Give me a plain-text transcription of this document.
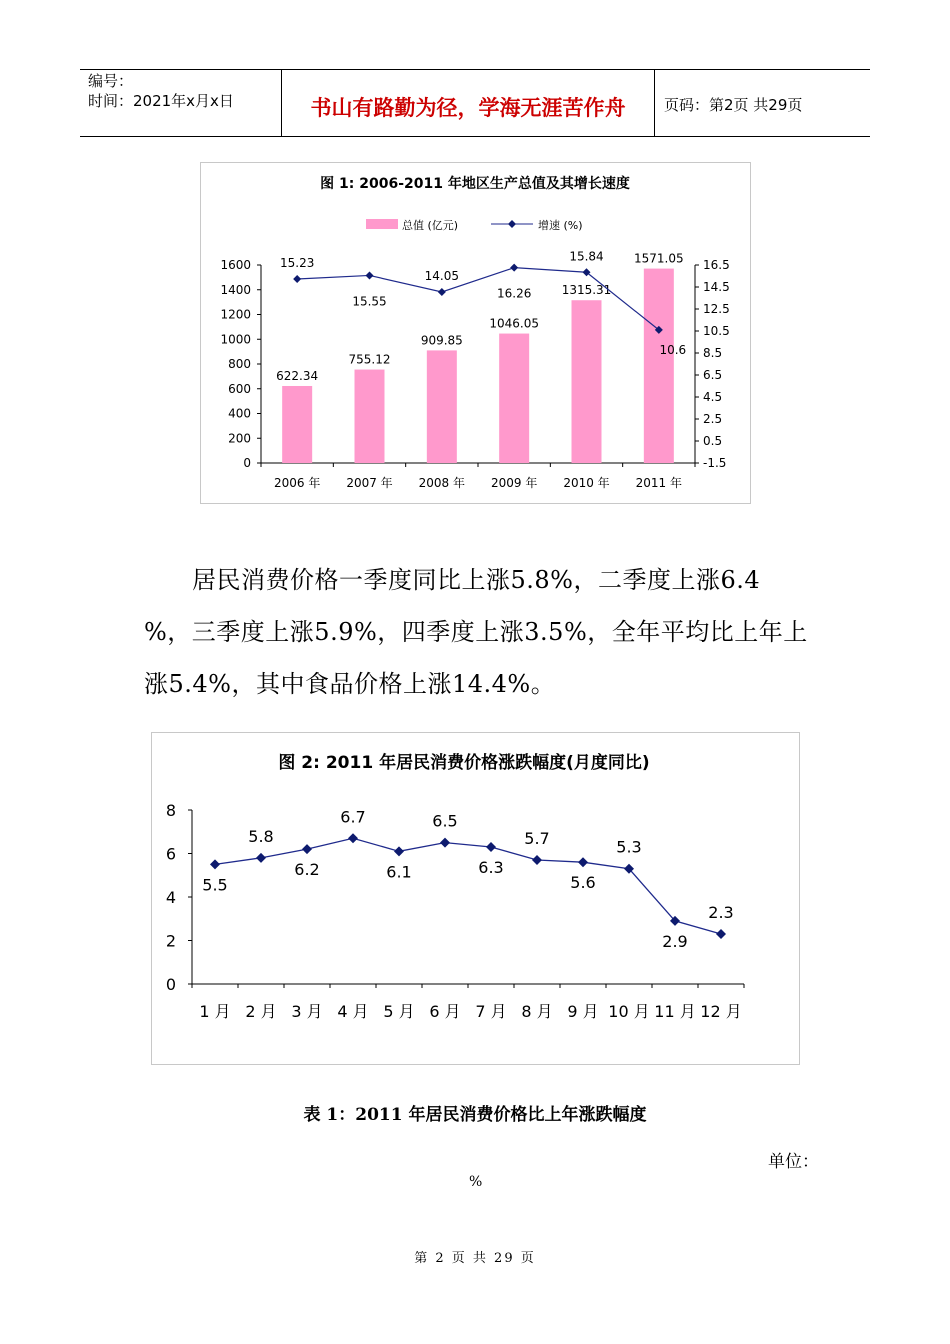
编号：
时间：2021年x月x日	书山有路勤为径，学海无涯苦作舟	页码：第2页 共29页
图 1: 2006-2011 年地区生产总值及其增长速度
总值 (亿元)	增速 (%)
0
200
400
600
800
1000
1200
1400
1600
-1.5
0.5
2.5
4.5
6.5
8.5
10.5
12.5
14.5
16.5
2006 年 2007 年 2008 年 2009 年 2010 年 2011 年
622.34
755.12
909.85
1046.05
1315.31
1571.05
15.23
15.55
14.05
16.26
15.84
10.6
居民消费价格一季度同比上涨5.8%，二季度上涨6.4
%，三季度上涨5.9%，四季度上涨3.5%，全年平均比上年上
涨5.4%，其中食品价格上涨14.4%。
图 2: 2011 年居民消费价格涨跌幅度(月度同比)
0
2
4
6
8
1 月 2 月 3 月 4 月 5 月 6 月 7 月 8 月 9 月 10 月 11 月 12 月
5.5
5.8
6.2
6.7
6.1
6.5
6.3
5.7
5.6
5.3
2.9
2.3
表 1：2011 年居民消费价格比上年涨跌幅度
单位：
%
第 2 页 共 29 页
